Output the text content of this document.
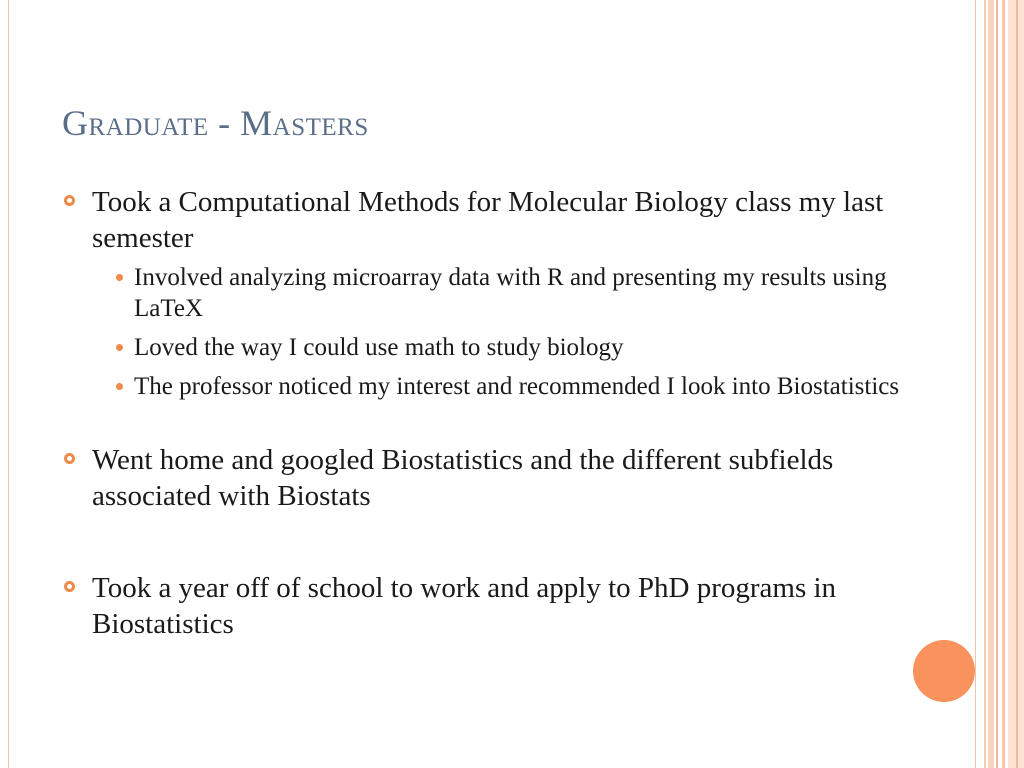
Graduate - Masters
Took a Computational Methods for Molecular Biology class my last semester
Involved analyzing microarray data with R and presenting my results using LaTeX
Loved the way I could use math to study biology
The professor noticed my interest and recommended I look into Biostatistics
Went home and googled Biostatistics and the different subfields associated with Biostats
Took a year off of school to work and apply to PhD programs in Biostatistics
